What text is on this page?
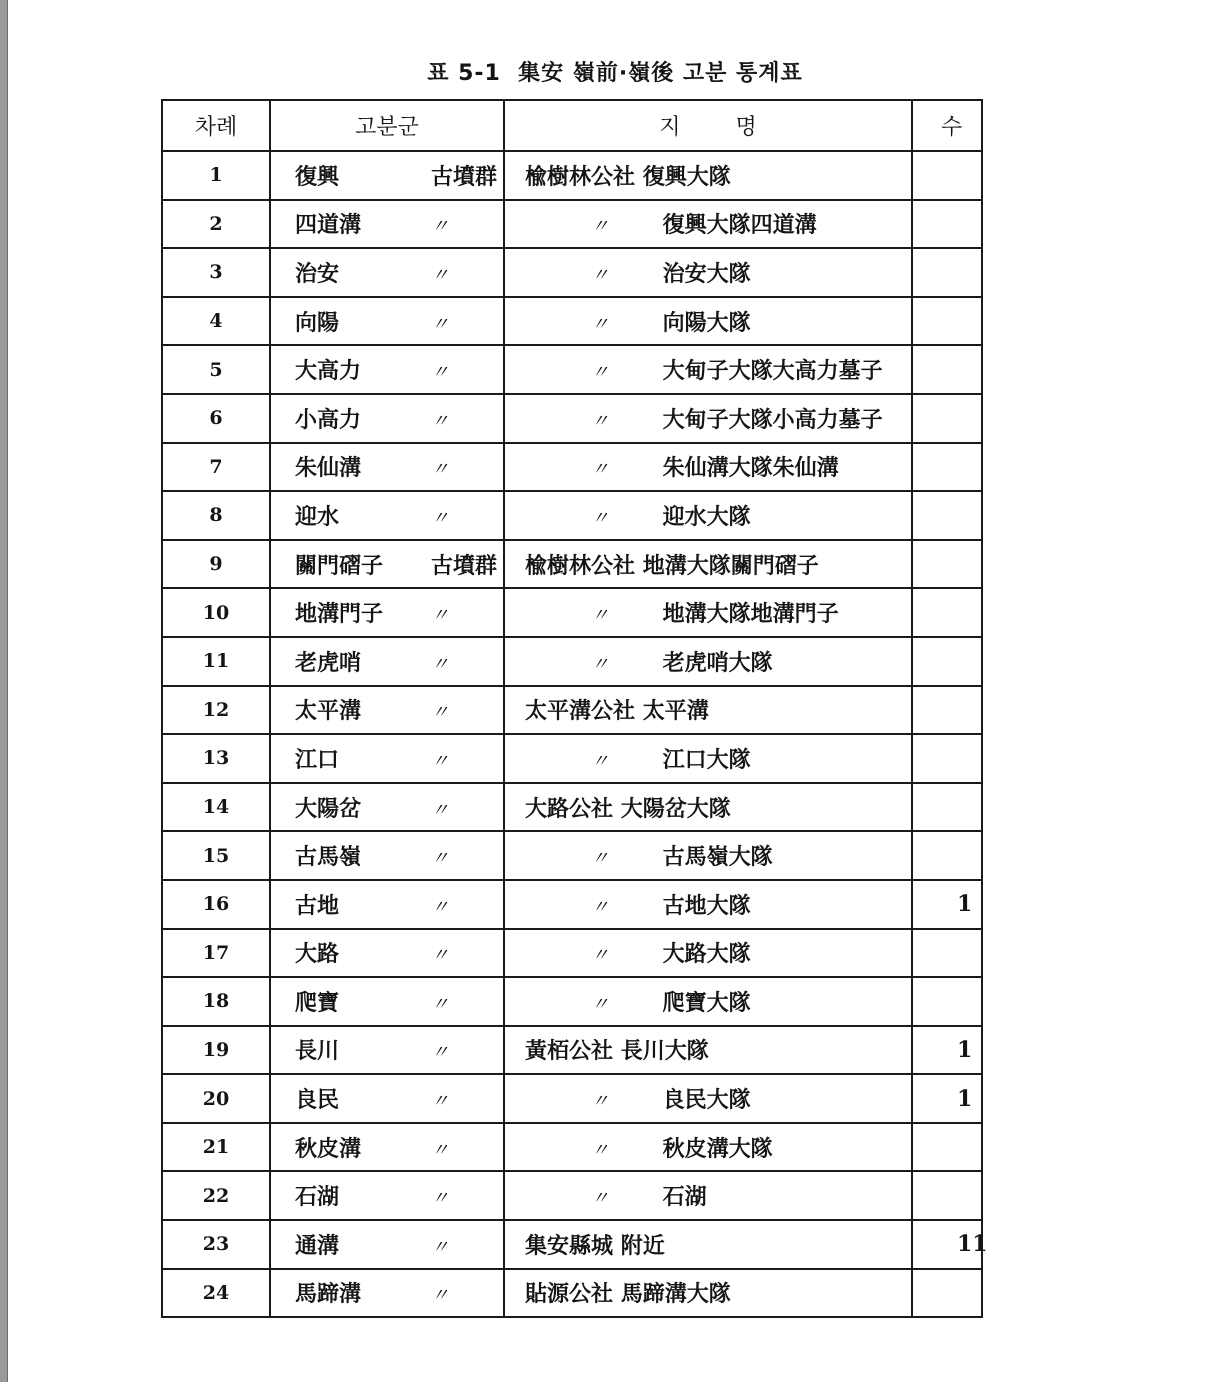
표 5-1  集安 嶺前·嶺後 고분 통계표
차례	고분군	지 명	수
1	復興 古墳群	楡樹林公社 復興大隊	
2	四道溝 〃	〃 復興大隊四道溝	
3	治安 〃	〃 治安大隊	
4	向陽 〃	〃 向陽大隊	
5	大高力 〃	〃 大甸子大隊大高力墓子	
6	小高力 〃	〃 大甸子大隊小高力墓子	
7	朱仙溝 〃	〃 朱仙溝大隊朱仙溝	
8	迎水 〃	〃 迎水大隊	
9	關門磖子 古墳群	楡樹林公社 地溝大隊關門磖子	
10	地溝門子 〃	〃 地溝大隊地溝門子	
11	老虎哨 〃	〃 老虎哨大隊	
12	太平溝 〃	太平溝公社 太平溝	
13	江口 〃	〃 江口大隊	
14	大陽岔 〃	大路公社 大陽岔大隊	
15	古馬嶺 〃	〃 古馬嶺大隊	
16	古地 〃	〃 古地大隊	1
17	大路 〃	〃 大路大隊	
18	爬寶 〃	〃 爬寶大隊	
19	長川 〃	黃栢公社 長川大隊	1
20	良民 〃	〃 良民大隊	1
21	秋皮溝 〃	〃 秋皮溝大隊	
22	石湖 〃	〃 石湖	
23	通溝 〃	集安縣城 附近	11
24	馬蹄溝 〃	貼源公社 馬蹄溝大隊	
